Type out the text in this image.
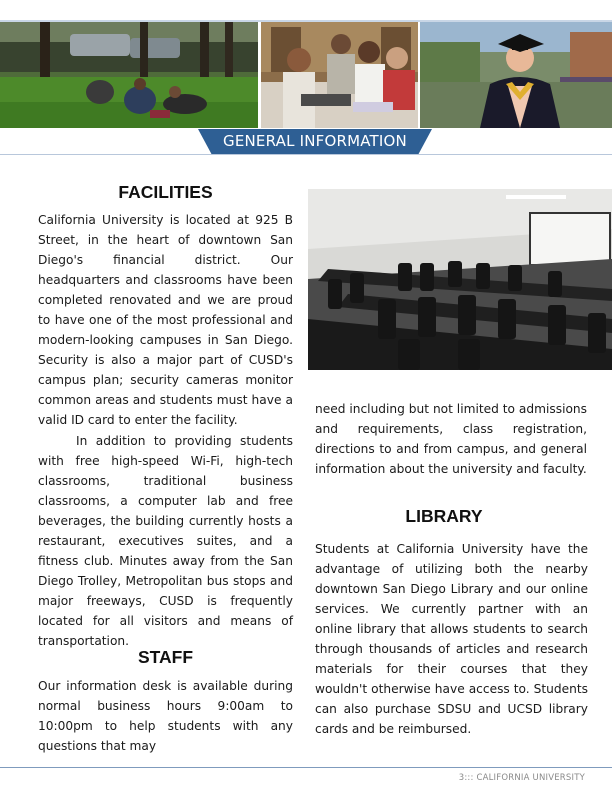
GENERAL INFORMATION
FACILITIES

California University is located at 925 B Street, in the heart of downtown San Diego's financial district. Our headquarters and classrooms have been completed renovated and we are proud to have one of the most professional and modern-looking campuses in San Diego. Security is also a major part of CUSD's campus plan; security cameras monitor common areas and students must have a valid ID card to enter the facility.

In addition to providing students with free high-speed Wi-Fi, high-tech classrooms, traditional business classrooms, a computer lab and free beverages, the building currently hosts a restaurant, executives suites, and a fitness club. Minutes away from the San Diego Trolley, Metropolitan bus stops and major freeways, CUSD is frequently located for all visitors and means of transportation.

STAFF

Our information desk is available during normal business hours 9:00am to 10:00pm to help students with any questions that may

need including but not limited to admissions and requirements, class registration, directions to and from campus, and general information about the university and faculty.

LIBRARY

Students at California University have the advantage of utilizing both the nearby downtown San Diego Library and our online services. We currently partner with an online library that allows students to search through thousands of articles and research materials for their courses that they wouldn't otherwise have access to. Students can also purchase SDSU and UCSD library cards and be reimbursed.

3::: CALIFORNIA UNIVERSITY
